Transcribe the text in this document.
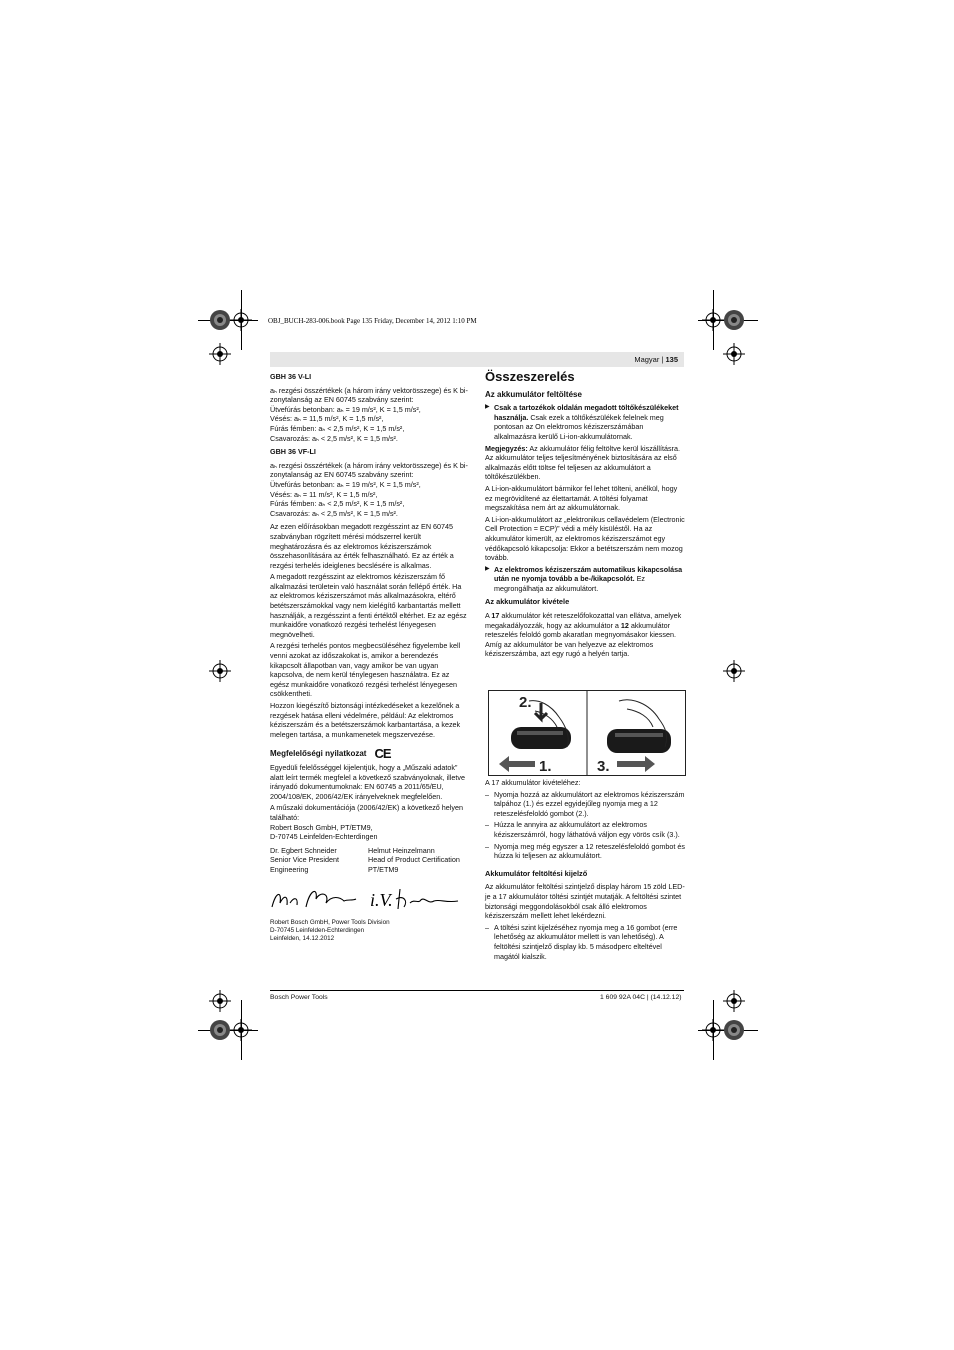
OBJ_BUCH-283-006.book Page 135 Friday, December 14, 2012 1:10 PM
Magyar | 135

GBH 36 V-LI

aₕ rezgési összértékek (a három irány vektorösszege) és K bi-
zonytalanság az EN 60745 szabvány szerint:
Ütvefúrás betonban: aₕ = 19 m/s², K = 1,5 m/s²,
Vésés: aₕ = 11,5 m/s², K = 1,5 m/s²,
Fúrás fémben: aₕ < 2,5 m/s², K = 1,5 m/s²,
Csavarozás: aₕ < 2,5 m/s², K = 1,5 m/s².

GBH 36 VF-LI

aₕ rezgési összértékek (a három irány vektorösszege) és K bi-
zonytalanság az EN 60745 szabvány szerint:
Ütvefúrás betonban: aₕ = 19 m/s², K = 1,5 m/s²,
Vésés: aₕ = 11 m/s², K = 1,5 m/s²,
Fúrás fémben: aₕ < 2,5 m/s², K = 1,5 m/s²,
Csavarozás: aₕ < 2,5 m/s², K = 1,5 m/s².

Az ezen előírásokban megadott rezgésszint az EN 60745 szabványban rögzített mérési módszerrel került meghatározásra és az elektromos kéziszerszámok összehasonlítására az érték felhasználható. Ez az érték a rezgési terhelés ideiglenes becslésére is alkalmas.

A megadott rezgésszint az elektromos kéziszerszám fő alkalmazási területein való használat során fellépő érték. Ha az elektromos kéziszerszámot más alkalmazásokra, eltérő betétszerszámokkal vagy nem kielégítő karbantartás mellett használják, a rezgésszint a fenti értéktől eltérhet. Ez az egész munkaidőre vonatkozó rezgési terhelést lényegesen megnövelheti.

A rezgési terhelés pontos megbecsüléséhez figyelembe kell venni azokat az időszakokat is, amikor a berendezés kikapcsolt állapotban van, vagy amikor be van ugyan kapcsolva, de nem kerül ténylegesen használatra. Ez az egész munkaidőre vonatkozó rezgési terhelést lényegesen csökkentheti.

Hozzon kiegészítő biztonsági intézkedéseket a kezelőnek a rezgések hatása elleni védelmére, például: Az elektromos kéziszerszám és a betétszerszámok karbantartása, a kezek melegen tartása, a munkamenetek megszervezése.

Megfelelőségi nyilatkozat CE

Egyedüli felelősséggel kijelentjük, hogy a „Műszaki adatok” alatt leírt termék megfelel a következő szabványoknak, illetve irányadó dokumentumoknak: EN 60745 a 2011/65/EU, 2004/108/EK, 2006/42/EK irányelveknek megfelelően.

A műszaki dokumentációja (2006/42/EK) a következő helyen található:

Robert Bosch GmbH, PT/ETM9,
D-70745 Leinfelden-Echterdingen
Dr. Egbert Schneider
Senior Vice President
Engineering
Helmut Heinzelmann
Head of Product Certification
PT/ETM9
i.V.
Robert Bosch GmbH, Power Tools Division
D-70745 Leinfelden-Echterdingen
Leinfelden, 14.12.2012
Összeszerelés
Az akkumulátor feltöltése

▶ Csak a tartozékok oldalán megadott töltőkészülékeket használja. Csak ezek a töltőkészülékek felelnek meg pontosan az On elektromos kéziszerszámában alkalmazásra kerülő Li-ion-akkumulátornak.

Megjegyzés: Az akkumulátor félig feltöltve kerül kiszállításra. Az akkumulátor teljes teljesítményének biztosítására az első alkalmazás előtt töltse fel teljesen az akkumulátort a töltőkészülékben.

A Li-ion-akkumulátort bármikor fel lehet tölteni, anélkül, hogy ez megrövidítené az élettartamát. A töltési folyamat megszakítása nem árt az akkumulátornak.

A Li-ion-akkumulátort az „elektronikus cellavédelem (Electronic Cell Protection = ECP)” védi a mély kisüléstől. Ha az akkumulátor kimerült, az elektromos kéziszerszámot egy védőkapcsoló kikapcsolja: Ekkor a betétszerszám nem mozog tovább.

▶ Az elektromos kéziszerszám automatikus kikapcsolása után ne nyomja tovább a be-/kikapcsolót. Ez megrongálhatja az akkumulátort.

Az akkumulátor kivétele

A 17 akkumulátor két reteszelőfokozattal van ellátva, amelyek megakadályozzák, hogy az akkumulátor a 12 akkumulátor reteszelés feloldó gomb akaratlan megnyomásakor kiessen. Amíg az akkumulátor be van helyezve az elektromos kéziszerszámba, azt egy rugó a helyén tartja.

2.
1.	3.

A 17 akkumulátor kivételéhez:

– Nyomja hozzá az akkumulátort az elektromos kéziszerszám talpához (1.) és ezzel egyidejűleg nyomja meg a 12 reteszelésfeloldó gombot (2.).

– Húzza le annyira az akkumulátort az elektromos kéziszerszámról, hogy láthatóvá váljon egy vörös csík (3.).

– Nyomja meg még egyszer a 12 reteszelésfeloldó gombot és húzza ki teljesen az akkumulátort.

Akkumulátor feltöltési kijelző

Az akkumulátor feltöltési szintjelző display három 15 zöld LED-je a 17 akkumulátor töltési szintjét mutatják. A feltöltési szintet biztonsági meggondolásokból csak álló elektromos kéziszerszám mellett lehet lekérdezni.

– A töltési szint kijelzéséhez nyomja meg a 16 gombot (erre lehetőség az akkumulátor mellett is van lehetőség). A feltöltési szintjelző display kb. 5 másodperc elteltével magától kialszik.

Bosch Power Tools	1 609 92A 04C | (14.12.12)
